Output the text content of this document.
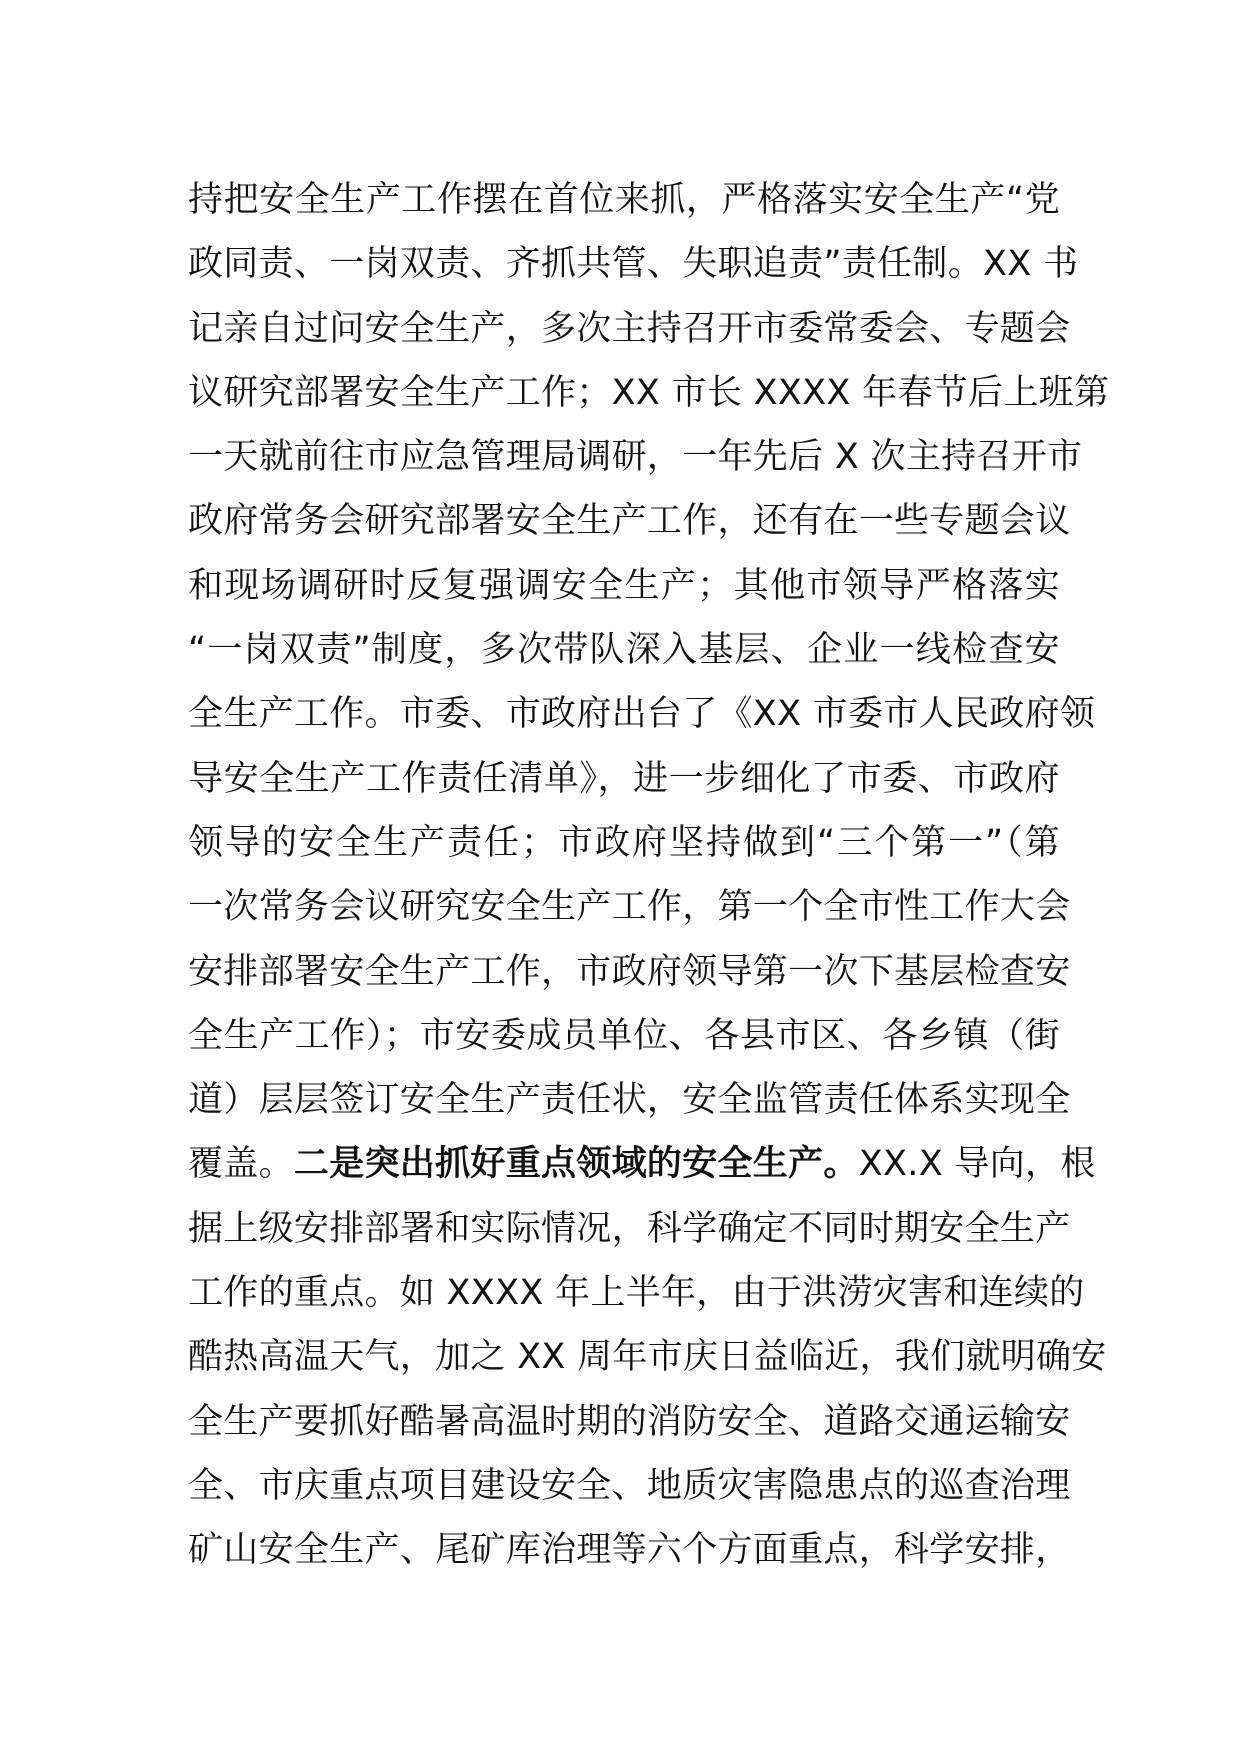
持把安全生产工作摆在首位来抓，严格落实安全生产“党
政同责、一岗双责、齐抓共管、失职追责”责任制。XX 书
记亲自过问安全生产，多次主持召开市委常委会、专题会
议研究部署安全生产工作；XX 市长 XXXX 年春节后上班第
一天就前往市应急管理局调研，一年先后 X 次主持召开市
政府常务会研究部署安全生产工作，还有在一些专题会议
和现场调研时反复强调安全生产；其他市领导严格落实
“一岗双责”制度，多次带队深入基层、企业一线检查安
全生产工作。市委、市政府出台了《XX 市委市人民政府领
导安全生产工作责任清单》，进一步细化了市委、市政府
领导的安全生产责任；市政府坚持做到“三个第一”（第
一次常务会议研究安全生产工作，第一个全市性工作大会
安排部署安全生产工作，市政府领导第一次下基层检查安
全生产工作）；市安委成员单位、各县市区、各乡镇（街
道）层层签订安全生产责任状，安全监管责任体系实现全
覆盖。二是突出抓好重点领域的安全生产。XX.X 导向，根
据上级安排部署和实际情况，科学确定不同时期安全生产
工作的重点。如 XXXX 年上半年，由于洪涝灾害和连续的
酷热高温天气，加之 XX 周年市庆日益临近，我们就明确安
全生产要抓好酷暑高温时期的消防安全、道路交通运输安
全、市庆重点项目建设安全、地质灾害隐患点的巡查治理
矿山安全生产、尾矿库治理等六个方面重点，科学安排，
